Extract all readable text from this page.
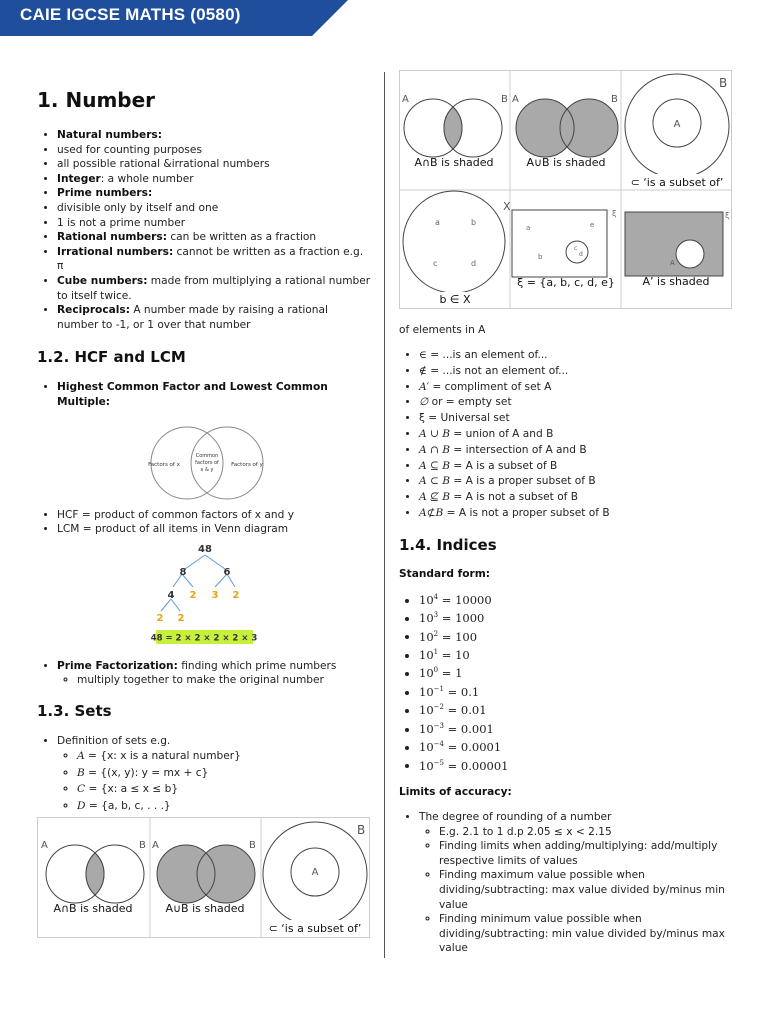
CAIE IGCSE MATHS (0580)
1. Number
• Natural numbers:
• used for counting purposes
• all possible rational &irrational numbers
• Integer: a whole number
• Prime numbers:
• divisible only by itself and one
• 1 is not a prime number
• Rational numbers: can be written as a fraction
• Irrational numbers: cannot be written as a fraction e.g. π
• Cube numbers: made from multiplying a rational number to itself twice.
• Reciprocals: A number made by raising a rational number to -1, or 1 over that number
1.2. HCF and LCM
• Highest Common Factor and Lowest Common Multiple:
Factors of x
Common
factors of
x & y
Factors of y
• HCF = product of common factors of x and y
• LCM = product of all items in Venn diagram
48
8	6
4 2 3 2
2 2
48 = 2 × 2 × 2 × 2 × 3
• Prime Factorization: finding which prime numbers
◦ multiply together to make the original number
1.3. Sets
• Definition of sets e.g.
◦ A = {x: x is a natural number}
◦ B = {(x, y): y = mx + c}
◦ C = {x: a ≤ x ≤ b}
◦ D = {a, b, c, . . .}
A	B
A∩B is shaded
A	B
A∪B is shaded
A
B
⊂ ‘is a subset of’
A	B
A∩B is shaded
A	B
A∪B is shaded
A
B
⊂ ‘is a subset of’
X
a	b
c	d
b ∈ X
ξ
a	e
b
c
d
ξ = {a, b, c, d, e}
ξ
A
A’ is shaded
of elements in A
• ∈ = ...is an element of...
• ∉ = ...is not an element of...
• A′ = compliment of set A
• ∅ or = empty set
• ξ = Universal set
• A ∪ B = union of A and B
• A ∩ B = intersection of A and B
• A ⊆ B = A is a subset of B
• A ⊂ B = A is a proper subset of B
• A ⊈ B = A is not a subset of B
• A⊄B = A is not a proper subset of B
1.4. Indices
Standard form:
• $10^4 = 10000$
• $10^3 = 1000$
• $10^2 = 100$
• $10^1 = 10$
• $10^0 = 1$
• $10^{-1} = 0.1$
• $10^{-2} = 0.01$
• $10^{-3} = 0.001$
• $10^{-4} = 0.0001$
• $10^{-5} = 0.00001$
Limits of accuracy:
• The degree of rounding of a number
◦ E.g. 2.1 to 1 d.p 2.05 ≤ x < 2.15
◦ Finding limits when adding/multiplying: add/multiply respective limits of values
◦ Finding maximum value possible when dividing/subtracting: max value divided by/minus min value
◦ Finding minimum value possible when dividing/subtracting: min value divided by/minus max value
